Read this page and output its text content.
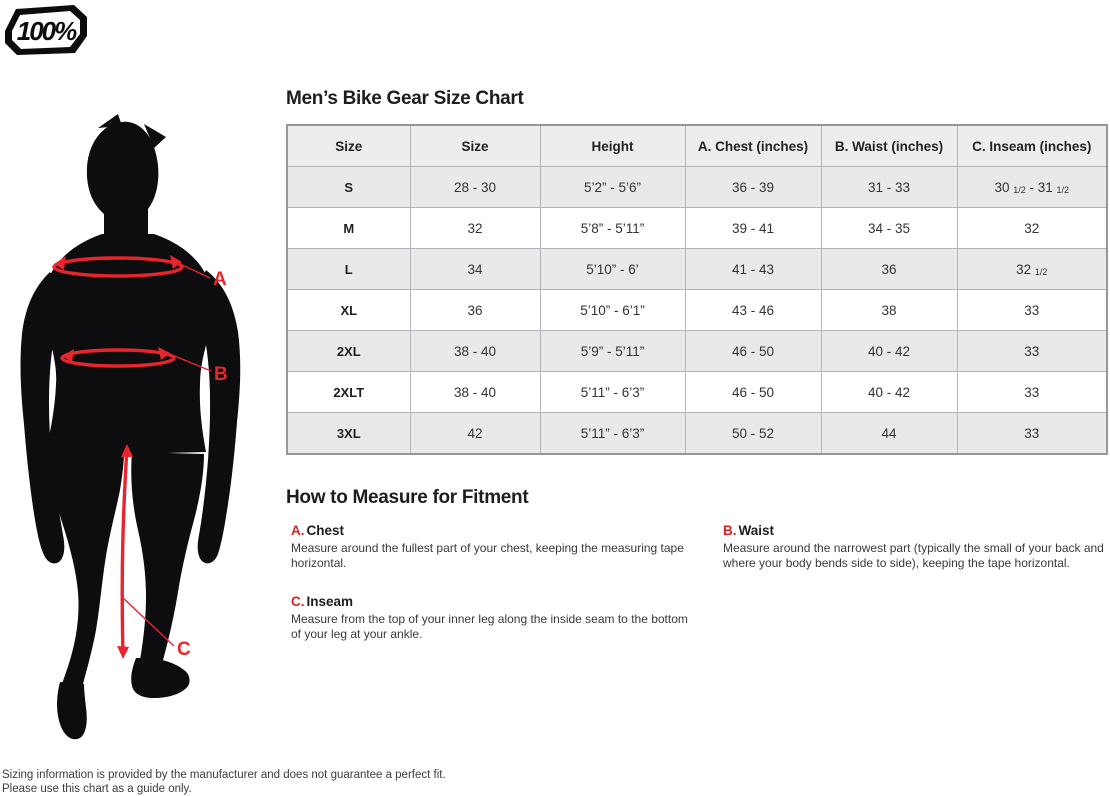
100%
A
B
C
Men’s Bike Gear Size Chart
Size	Size	Height	A. Chest (inches)	B. Waist (inches)	C. Inseam (inches)
S	28 - 30	5’2” - 5’6”	36 - 39	31 - 33	30 1/2 - 31 1/2
M	32	5’8” - 5’11”	39 - 41	34 - 35	32
L	34	5’10” - 6’	41 - 43	36	32 1/2
XL	36	5’10” - 6’1”	43 - 46	38	33
2XL	38 - 40	5’9” - 5’11”	46 - 50	40 - 42	33
2XLT	38 - 40	5’11” - 6’3”	46 - 50	40 - 42	33
3XL	42	5’11” - 6’3”	50 - 52	44	33
How to Measure for Fitment
A. Chest

Measure around the fullest part of your chest, keeping the measuring tape horizontal.

B. Waist

Measure around the narrowest part (typically the small of your back and where your body bends side to side), keeping the tape horizontal.

C. Inseam

Measure from the top of your inner leg along the inside seam to the bottom of your leg at your ankle.

Sizing information is provided by the manufacturer and does not guarantee a perfect fit.
Please use this chart as a guide only.
